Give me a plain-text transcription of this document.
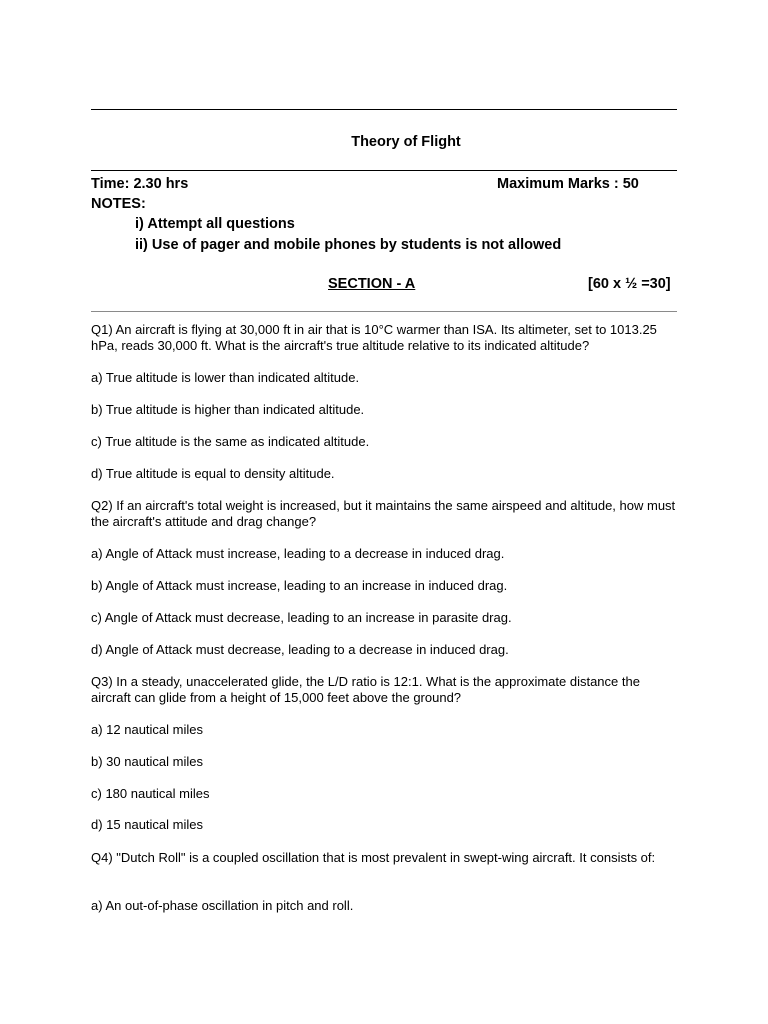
Theory of Flight
Time: 2.30 hrs	Maximum Marks : 50
NOTES:
i) Attempt all questions
ii) Use of pager and mobile phones by students is not allowed
SECTION - A	[60 x ½ =30]
Q1) An aircraft is flying at 30,000 ft in air that is 10°C warmer than ISA. Its altimeter, set to 1013.25 hPa, reads 30,000 ft. What is the aircraft's true altitude relative to its indicated altitude?
a) True altitude is lower than indicated altitude.
b) True altitude is higher than indicated altitude.
c) True altitude is the same as indicated altitude.
d) True altitude is equal to density altitude.
Q2) If an aircraft's total weight is increased, but it maintains the same airspeed and altitude, how must the aircraft's attitude and drag change?
a) Angle of Attack must increase, leading to a decrease in induced drag.
b) Angle of Attack must increase, leading to an increase in induced drag.
c) Angle of Attack must decrease, leading to an increase in parasite drag.
d) Angle of Attack must decrease, leading to a decrease in induced drag.
Q3) In a steady, unaccelerated glide, the L/D ratio is 12:1. What is the approximate distance the aircraft can glide from a height of 15,000 feet above the ground?
a) 12 nautical miles
b) 30 nautical miles
c) 180 nautical miles
d) 15 nautical miles
Q4) "Dutch Roll" is a coupled oscillation that is most prevalent in swept-wing aircraft. It consists of:
a) An out-of-phase oscillation in pitch and roll.
